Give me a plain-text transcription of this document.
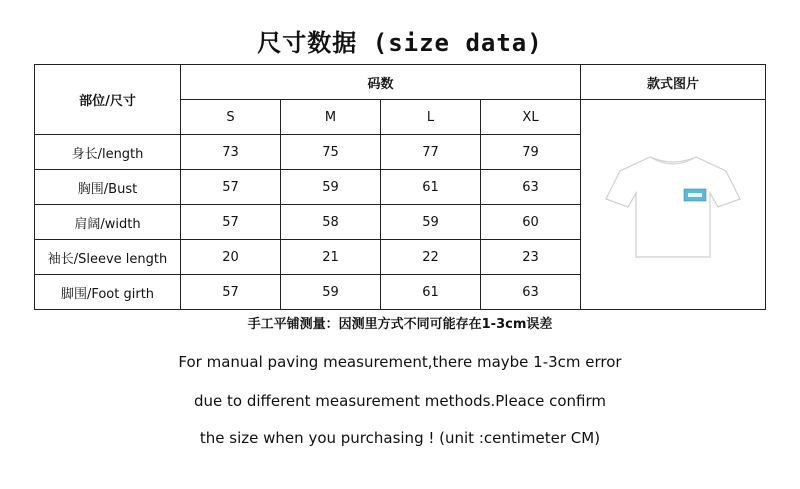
尺寸数据 (size data)
部位/尺寸	码数				款式图片
	S	M	L	XL	

身长/length	73	75	77	79	
胸围/Bust	57	59	61	63	
肩阔/width	57	58	59	60	
袖长/Sleeve length	20	21	22	23	
脚围/Foot girth	57	59	61	63	
手工平铺测量：因测里方式不同可能存在1-3cm误差
For manual paving measurement,there maybe 1-3cm error
due to different measurement methods.Pleace confirm
the size when you purchasing ! (unit :centimeter CM)
